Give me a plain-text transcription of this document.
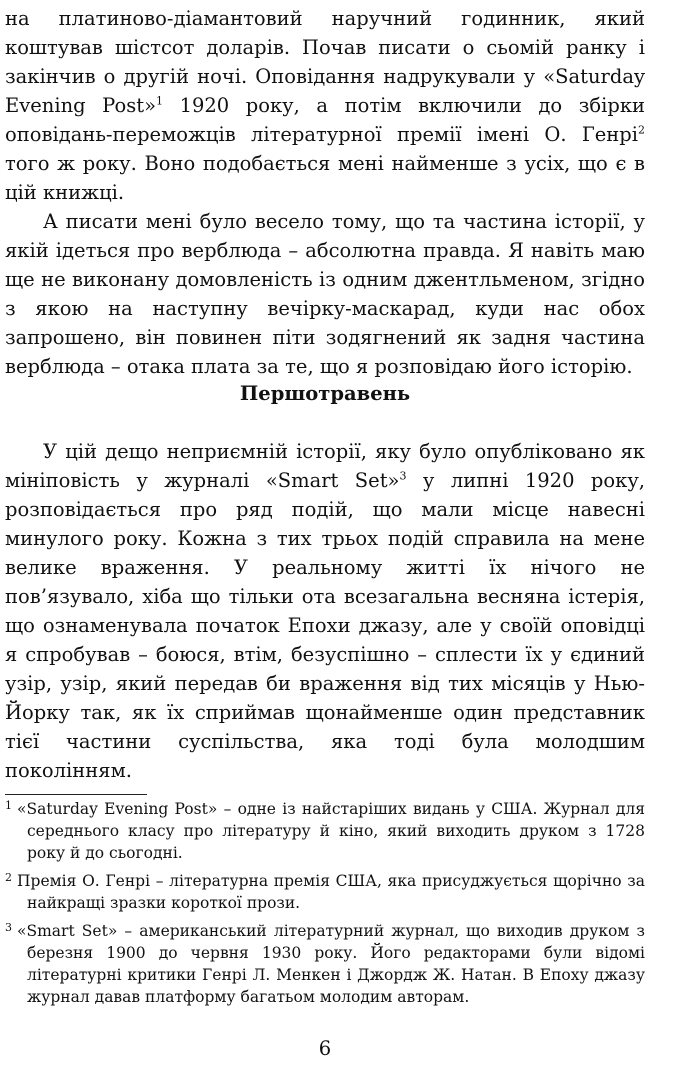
на платиново-діамантовий наручний годинник, який коштував шістсот доларів. Почав писати о сьомій ранку і закінчив о другій ночі. Оповідання надрукували у «Saturday Evening Post»$^1$ 1920 року, а потім включили до збірки оповідань-переможців літературної премії імені О. Генрі$^2$ того ж року. Воно подобається мені найменше з усіх, що є в цій книжці.

А писати мені було весело тому, що та частина історії, у якій ідеться про верблюда – абсолютна правда. Я навіть маю ще не виконану домовленість із одним джентльменом, згідно з якою на наступну вечірку-маскарад, куди нас обох запрошено, він повинен піти зодягнений як задня частина верблюда – отака плата за те, що я розповідаю його історію.

Першотравень

У цій дещо неприємній історії, яку було опубліковано як мініповість у журналі «Smart Set»$^3$ у липні 1920 року, розповідається про ряд подій, що мали місце навесні минулого року. Кожна з тих трьох подій справила на мене велике враження. У реальному житті їх нічого не пов’язувало, хіба що тільки ота всезагальна весняна істерія, що ознаменувала початок Епохи джазу, але у своїй оповідці я спробував – боюся, втім, безуспішно – сплести їх у єдиний узір, узір, який передав би враження від тих місяців у Нью-Йорку так, як їх сприймав щонайменше один представник тієї частини суспільства, яка тоді була молодшим поколінням.

1 «Saturday Evening Post» – одне із найстаріших видань у США. Журнал для середнього класу про літературу й кіно, який виходить друком з 1728 року й до сьогодні.

2 Премія О. Генрі – літературна премія США, яка присуджується щорічно за найкращі зразки короткої прози.

3 «Smart Set» – американський літературний журнал, що виходив друком з березня 1900 до червня 1930 року. Його редакторами були відомі літературні критики Генрі Л. Менкен і Джордж Ж. Натан. В Епоху джазу журнал давав платформу багатьом молодим авторам.

6
